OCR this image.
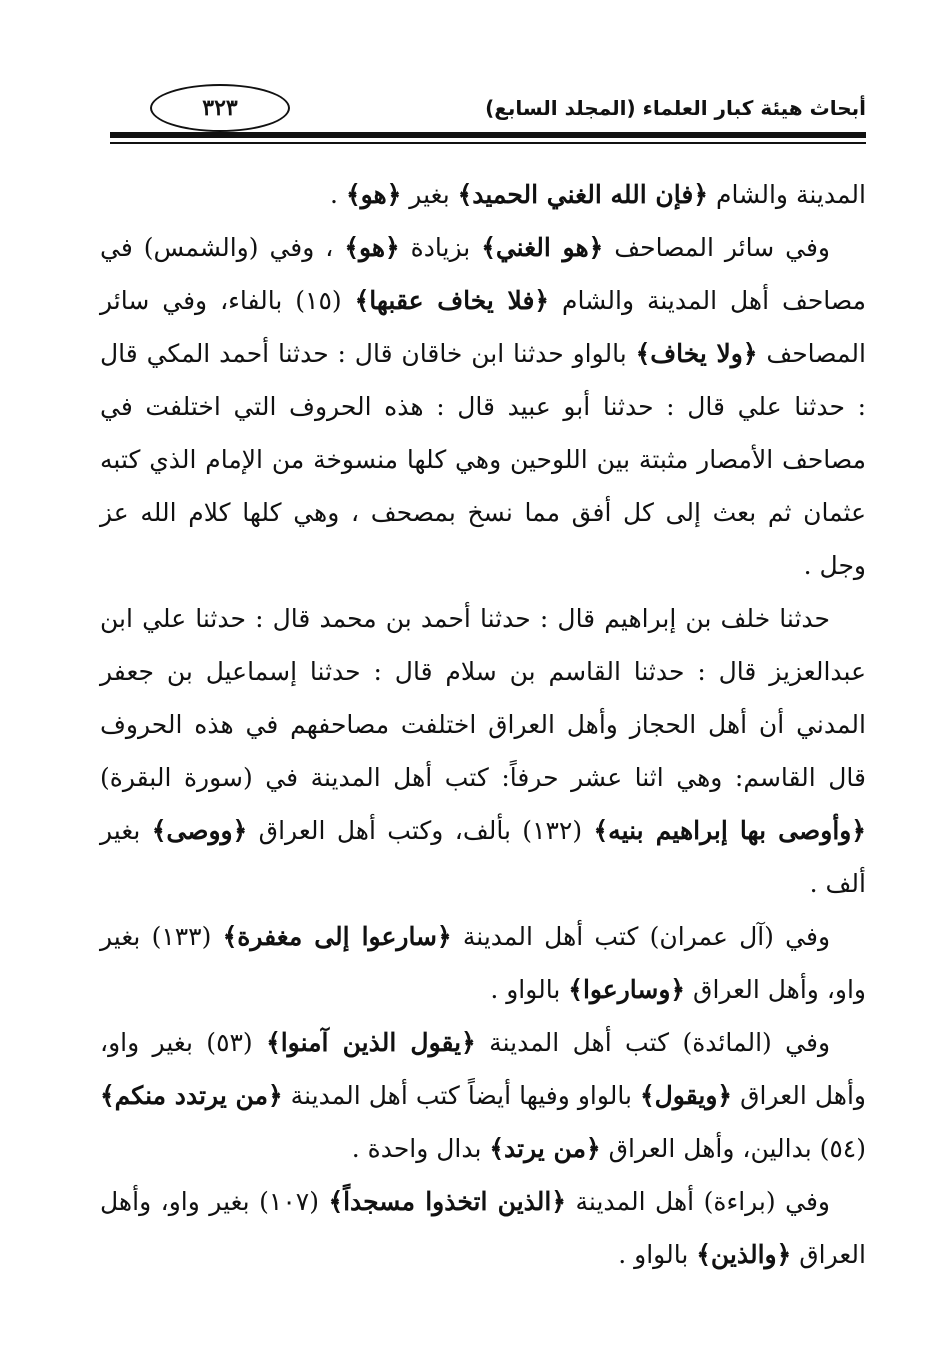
أبحاث هيئة كبار العلماء (المجلد السابع)
٣٢٣

المدينة والشام ﴿فإن الله الغني الحميد﴾ بغير ﴿هو﴾ .

وفي سائر المصاحف ﴿هو الغني﴾ بزيادة ﴿هو﴾ ، وفي (والشمس) في مصاحف أهل المدينة والشام ﴿فلا يخاف عقبها﴾ (١٥) بالفاء، وفي سائر المصاحف ﴿ولا يخاف﴾ بالواو حدثنا ابن خاقان قال : حدثنا أحمد المكي قال : حدثنا علي قال : حدثنا أبو عبيد قال : هذه الحروف التي اختلفت في مصاحف الأمصار مثبتة بين اللوحين وهي كلها منسوخة من الإمام الذي كتبه عثمان ثم بعث إلى كل أفق مما نسخ بمصحف ، وهي كلها كلام الله عز وجل .

حدثنا خلف بن إبراهيم قال : حدثنا أحمد بن محمد قال : حدثنا علي ابن عبدالعزيز قال : حدثنا القاسم بن سلام قال : حدثنا إسماعيل بن جعفر المدني أن أهل الحجاز وأهل العراق اختلفت مصاحفهم في هذه الحروف قال القاسم: وهي اثنا عشر حرفاً: كتب أهل المدينة في (سورة البقرة) ﴿وأوصى بها إبراهيم بنيه﴾ (١٣٢) بألف، وكتب أهل العراق ﴿ووصى﴾ بغير ألف .

وفي (آل عمران) كتب أهل المدينة ﴿سارعوا إلى مغفرة﴾ (١٣٣) بغير واو، وأهل العراق ﴿وسارعوا﴾ بالواو .

وفي (المائدة) كتب أهل المدينة ﴿يقول الذين آمنوا﴾ (٥٣) بغير واو، وأهل العراق ﴿ويقول﴾ بالواو وفيها أيضاً كتب أهل المدينة ﴿من يرتدد منكم﴾ (٥٤) بدالين، وأهل العراق ﴿من يرتد﴾ بدال واحدة .

وفي (براءة) أهل المدينة ﴿الذين اتخذوا مسجداً﴾ (١٠٧) بغير واو، وأهل العراق ﴿والذين﴾ بالواو .
